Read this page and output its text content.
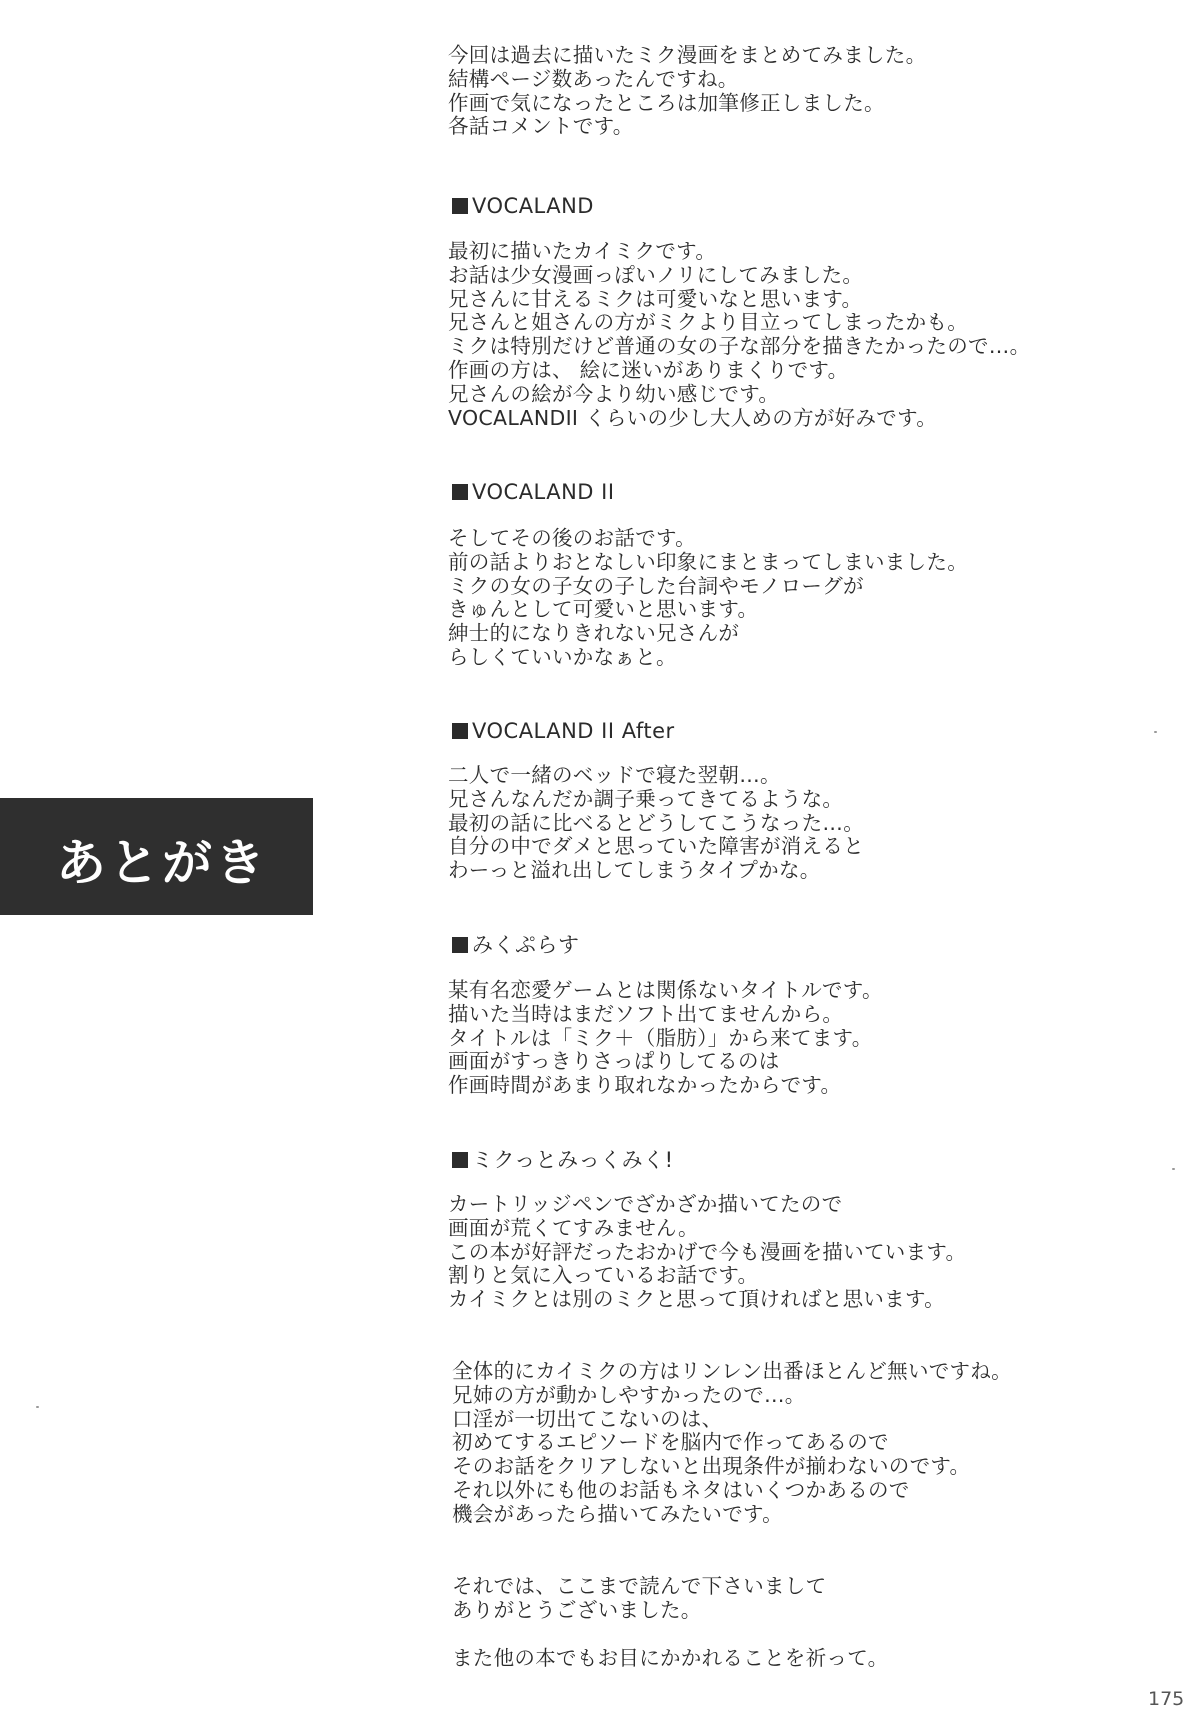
あとがき
今回は過去に描いたミク漫画をまとめてみました。
結構ページ数あったんですね。
作画で気になったところは加筆修正しました。
各話コメントです。
VOCALAND
最初に描いたカイミクです。
お話は少女漫画っぽいノリにしてみました。
兄さんに甘えるミクは可愛いなと思います。
兄さんと姐さんの方がミクより目立ってしまったかも。
ミクは特別だけど普通の女の子な部分を描きたかったので…。
作画の方は、 絵に迷いがありまくりです。
兄さんの絵が今より幼い感じです。
VOCALANDII くらいの少し大人めの方が好みです。
VOCALAND II
そしてその後のお話です。
前の話よりおとなしい印象にまとまってしまいました。
ミクの女の子女の子した台詞やモノローグが
きゅんとして可愛いと思います。
紳士的になりきれない兄さんが
らしくていいかなぁと。
VOCALAND II After
二人で一緒のベッドで寝た翌朝…。
兄さんなんだか調子乗ってきてるような。
最初の話に比べるとどうしてこうなった…。
自分の中でダメと思っていた障害が消えると
わーっと溢れ出してしまうタイプかな。
みくぷらす
某有名恋愛ゲームとは関係ないタイトルです。
描いた当時はまだソフト出てませんから。
タイトルは「ミク＋（脂肪）」から来てます。
画面がすっきりさっぱりしてるのは
作画時間があまり取れなかったからです。
ミクっとみっくみく!
カートリッジペンでざかざか描いてたので
画面が荒くてすみません。
この本が好評だったおかげで今も漫画を描いています。
割りと気に入っているお話です。
カイミクとは別のミクと思って頂ければと思います。
全体的にカイミクの方はリンレン出番ほとんど無いですね。
兄姉の方が動かしやすかったので…。
口淫が一切出てこないのは、
初めてするエピソードを脳内で作ってあるので
そのお話をクリアしないと出現条件が揃わないのです。
それ以外にも他のお話もネタはいくつかあるので
機会があったら描いてみたいです。
それでは、ここまで読んで下さいまして
ありがとうございました。
また他の本でもお目にかかれることを祈って。
175
